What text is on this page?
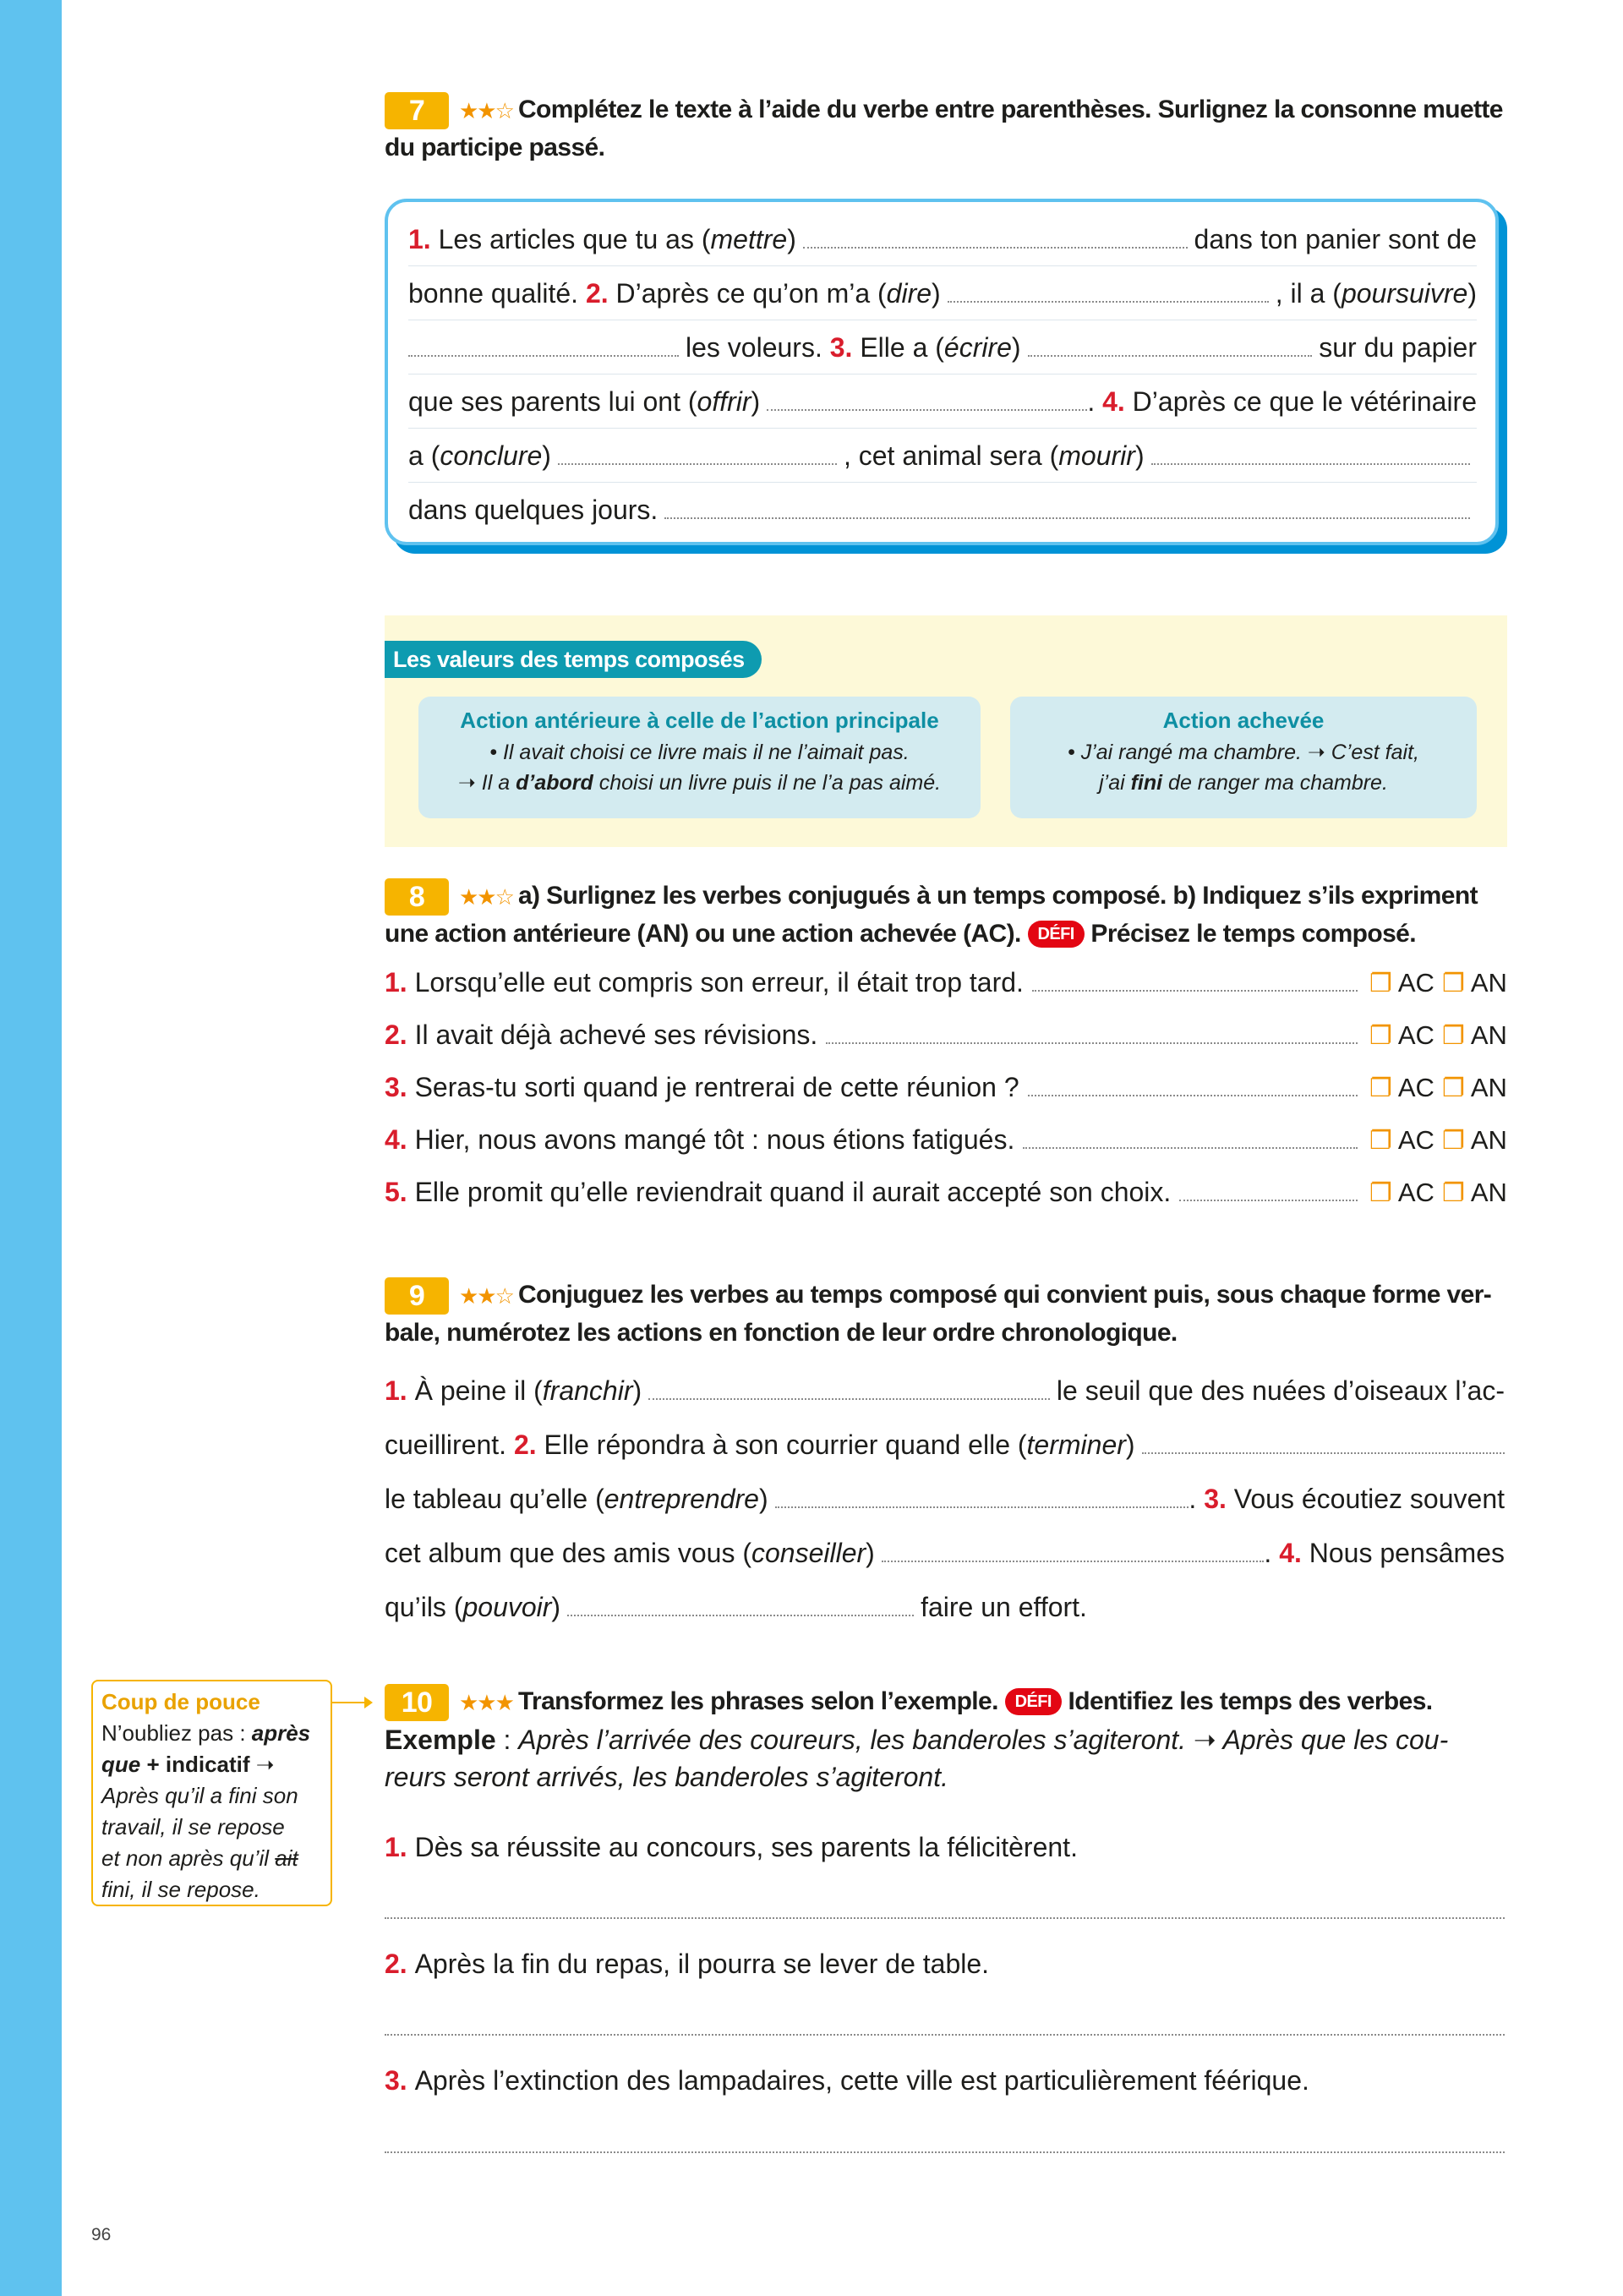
7 ★★☆ Complétez le texte à l’aide du verbe entre parenthèses. Surlignez la consonne muette
du participe passé.
1.
Les articles que tu as ( mettre )	dans ton panier sont de
bonne qualité.
2.
D’après ce qu’on m’a ( dire )	, il a ( poursuivre )
les voleurs.
3.
Elle a ( écrire )	sur du papier
que ses parents lui ont ( offrir )	.
4.
D’après ce que le vétérinaire
a ( conclure )	, cet animal sera ( mourir )
dans quelques jours.
Les valeurs des temps composés
Action antérieure à celle de l’action principale
• Il avait choisi ce livre mais il ne l’aimait pas.
➝ Il a d’abord choisi un livre puis il ne l’a pas aimé.
Action achevée
• J’ai rangé ma chambre. ➝ C’est fait,
j’ai fini de ranger ma chambre.
8 ★★☆ a) Surlignez les verbes conjugués à un temps composé. b) Indiquez s’ils expriment
une action antérieure (AN) ou une action achevée (AC). DÉFI Précisez le temps composé.
1.
Lorsqu’elle eut compris son erreur, il était trop tard.	❐ AC ❐ AN
2.
Il avait déjà achevé ses révisions.	❐ AC ❐ AN
3.
Seras-tu sorti quand je rentrerai de cette réunion ?	❐ AC ❐ AN
4.
Hier, nous avons mangé tôt : nous étions fatigués.	❐ AC ❐ AN
5.
Elle promit qu’elle reviendrait quand il aurait accepté son choix.	❐ AC ❐ AN
9 ★★☆ Conjuguez les verbes au temps composé qui convient puis, sous chaque forme ver-
bale, numérotez les actions en fonction de leur ordre chronologique.
1.
À peine il ( franchir )	le seuil que des nuées d’oiseaux l’ac-
cueillirent.
2.
Elle répondra à son courrier quand elle ( terminer )
le tableau qu’elle ( entreprendre )	.
3.
Vous écoutiez souvent
cet album que des amis vous ( conseiller )	.
4.
Nous pensâmes
qu’ils ( pouvoir )	faire un effort.
Coup de pouce
N’oubliez pas : après
que + indicatif ➝
Après qu’il a fini son
travail, il se repose
et non après qu’il ait
fini, il se repose.
10 ★★★ Transformez les phrases selon l’exemple. DÉFI Identifiez les temps des verbes.
Exemple : Après l’arrivée des coureurs, les banderoles s’agiteront. ➝ Après que les cou-
reurs seront arrivés, les banderoles s’agiteront.
1. Dès sa réussite au concours, ses parents la félicitèrent.
2. Après la fin du repas, il pourra se lever de table.
3. Après l’extinction des lampadaires, cette ville est particulièrement féérique.
96
